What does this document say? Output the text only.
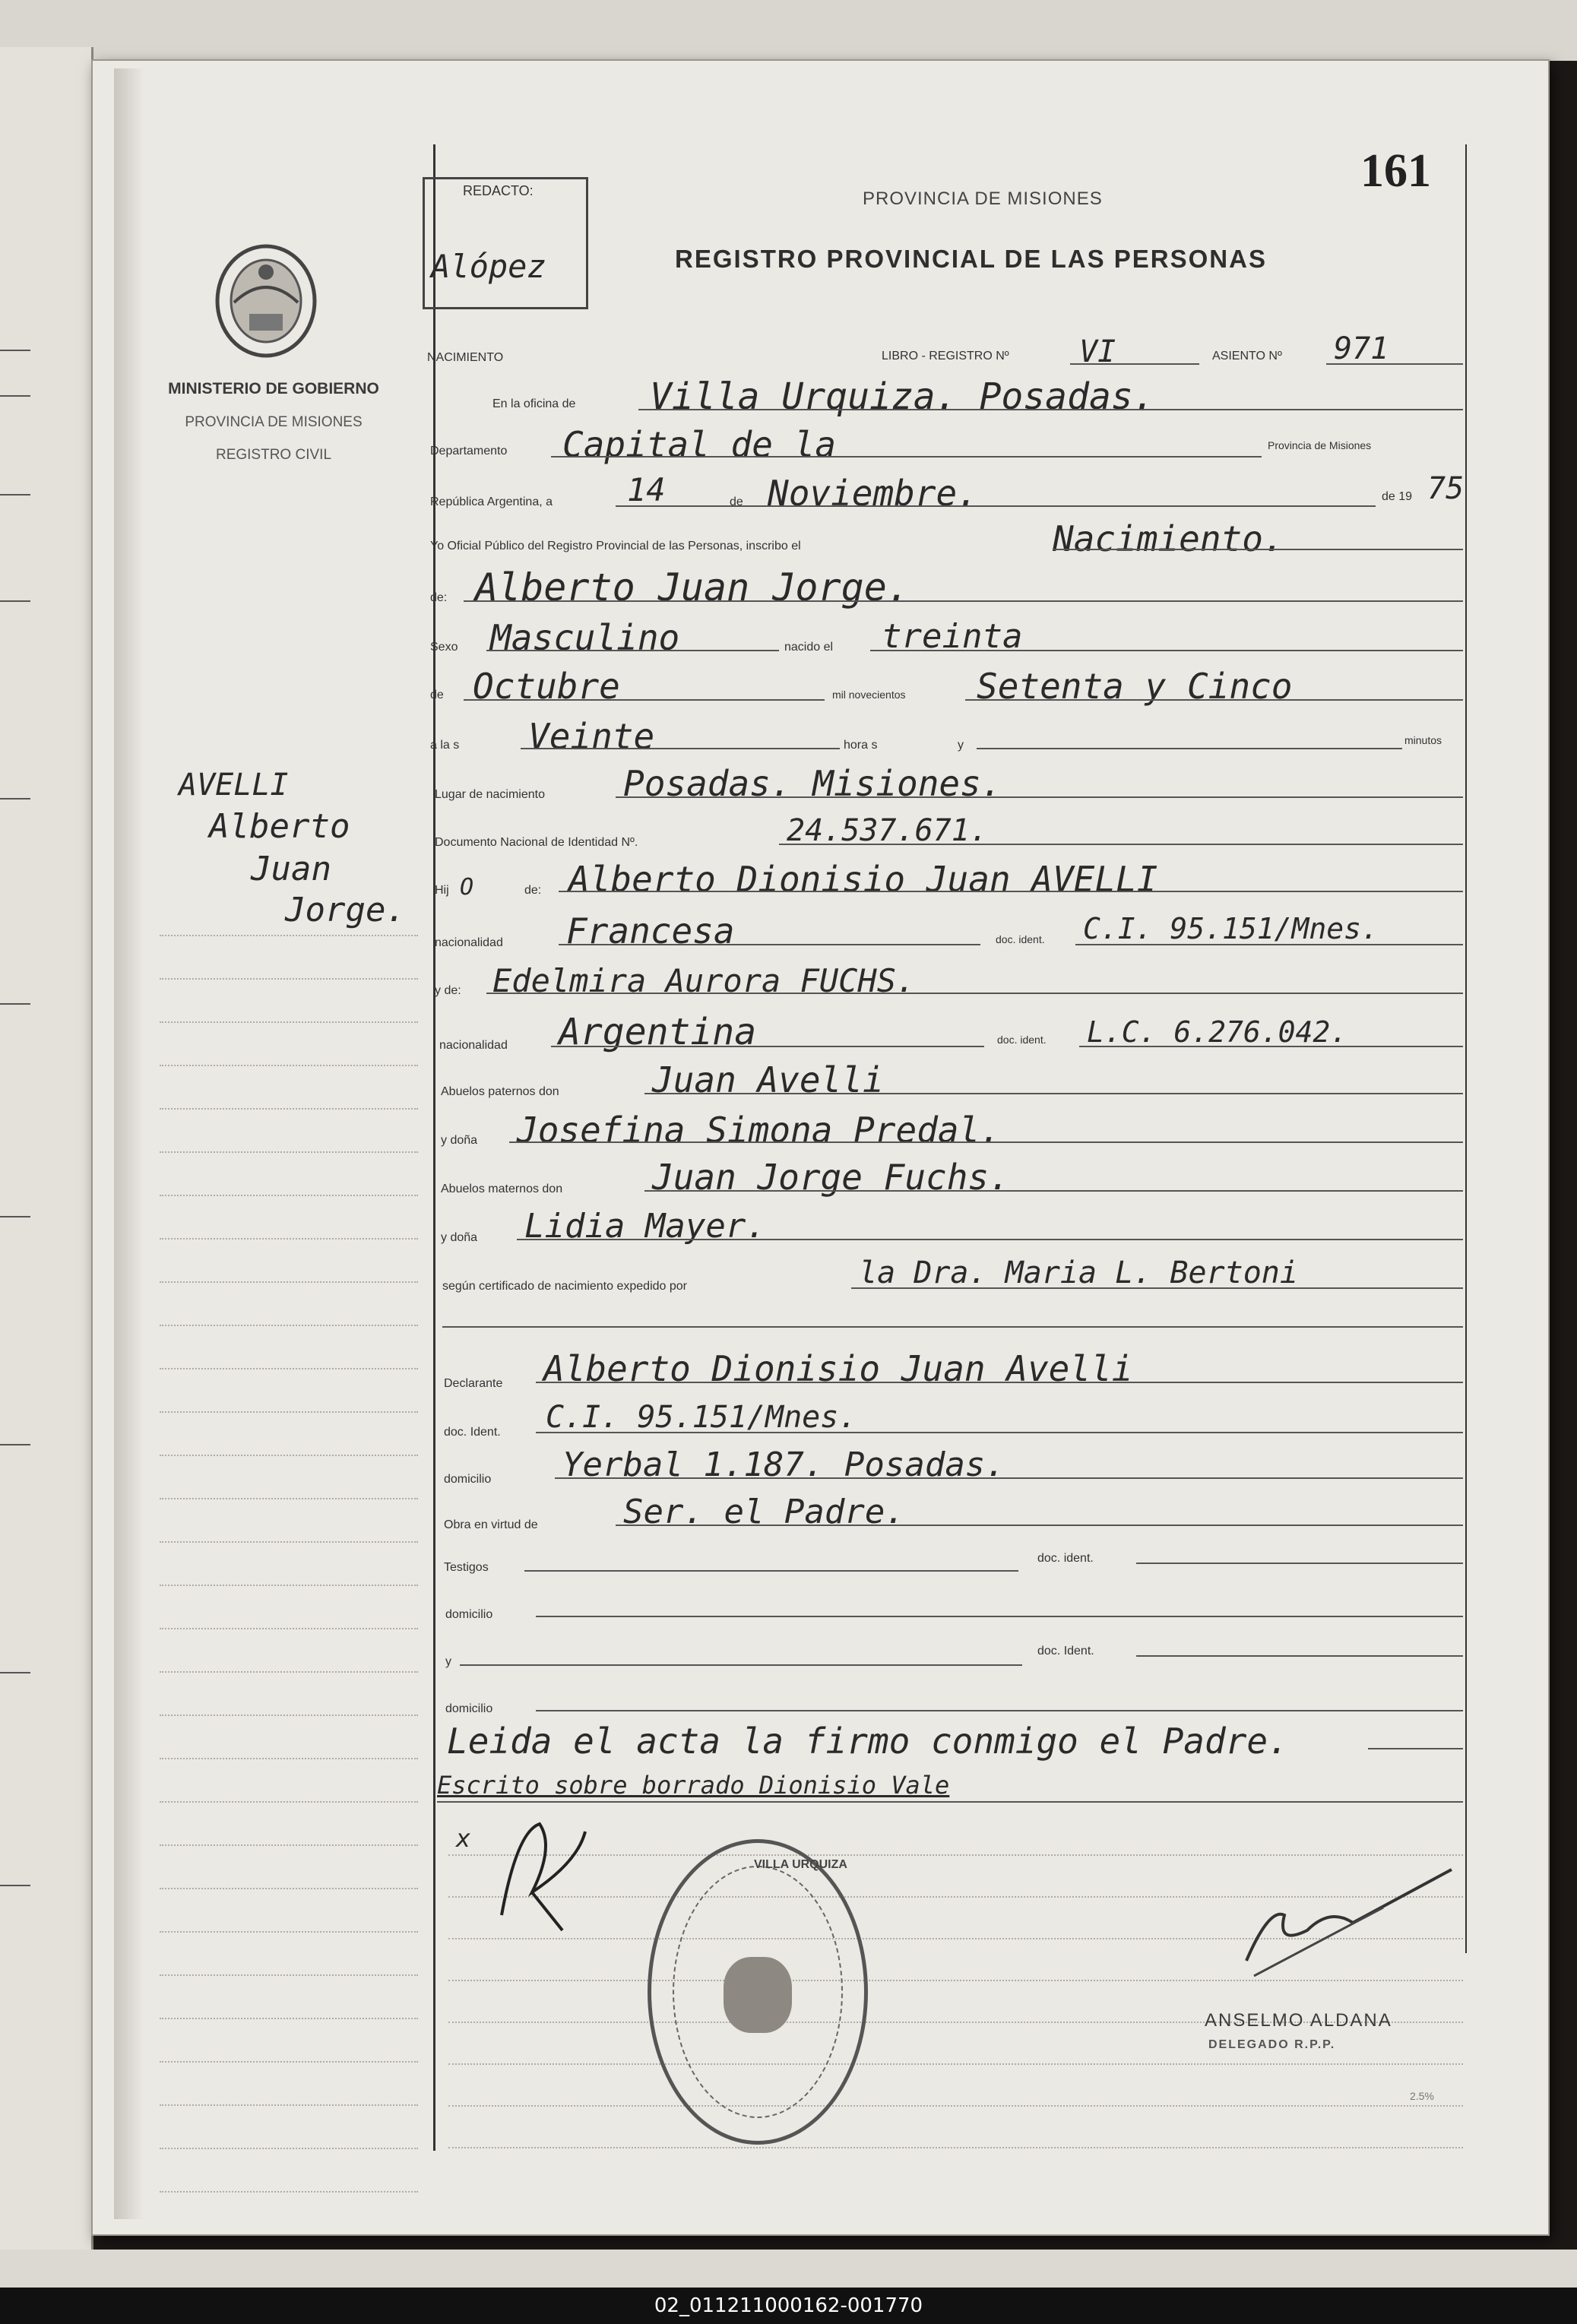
MINISTERIO DE GOBIERNO
PROVINCIA DE MISIONES
REGISTRO CIVIL
AVELLI
Alberto
Juan
Jorge.
REDACTO:
Alópez
PROVINCIA DE MISIONES
REGISTRO PROVINCIAL DE LAS PERSONAS
161
NACIMIENTO	LIBRO - REGISTRO Nº VI	ASIENTO Nº 971
En la oficina de Villa Urquiza. Posadas.
Departamento Capital de la	Provincia de Misiones
República Argentina, a 14	de Noviembre.	de 19 75
Yo Oficial Público del Registro Provincial de las Personas, inscribo el	Nacimiento.
de: Alberto Juan Jorge.
Sexo Masculino	nacido el treinta
de Octubre	mil novecientos Setenta y Cinco
a la s Veinte	hora s	y	minutos
Lugar de nacimiento Posadas. Misiones.
Documento Nacional de Identidad Nº.	24.537.671.
Hij O	de: Alberto Dionisio Juan AVELLI
nacionalidad Francesa	doc. ident. C.I. 95.151/Mnes.
y de: Edelmira Aurora FUCHS.
nacionalidad Argentina	doc. ident. L.C. 6.276.042.
Abuelos paternos don	Juan Avelli
y doña Josefina Simona Predal.
Abuelos maternos don	Juan Jorge Fuchs.
y doña Lidia Mayer.
según certificado de nacimiento expedido por	la Dra. Maria L. Bertoni
Declarante Alberto Dionisio Juan Avelli
doc. Ident. C.I. 95.151/Mnes.
domicilio Yerbal 1.187. Posadas.
Obra en virtud de	Ser. el Padre.
Testigos
doc. ident.
domicilio
y
doc. Ident.
domicilio
Leida el acta la firmo conmigo el Padre.
Escrito sobre borrado Dionisio Vale
x
ANSELMO ALDANA
DELEGADO R.P.P.
VILLA URQUIZA
2.5%
02_011211000162-001770
